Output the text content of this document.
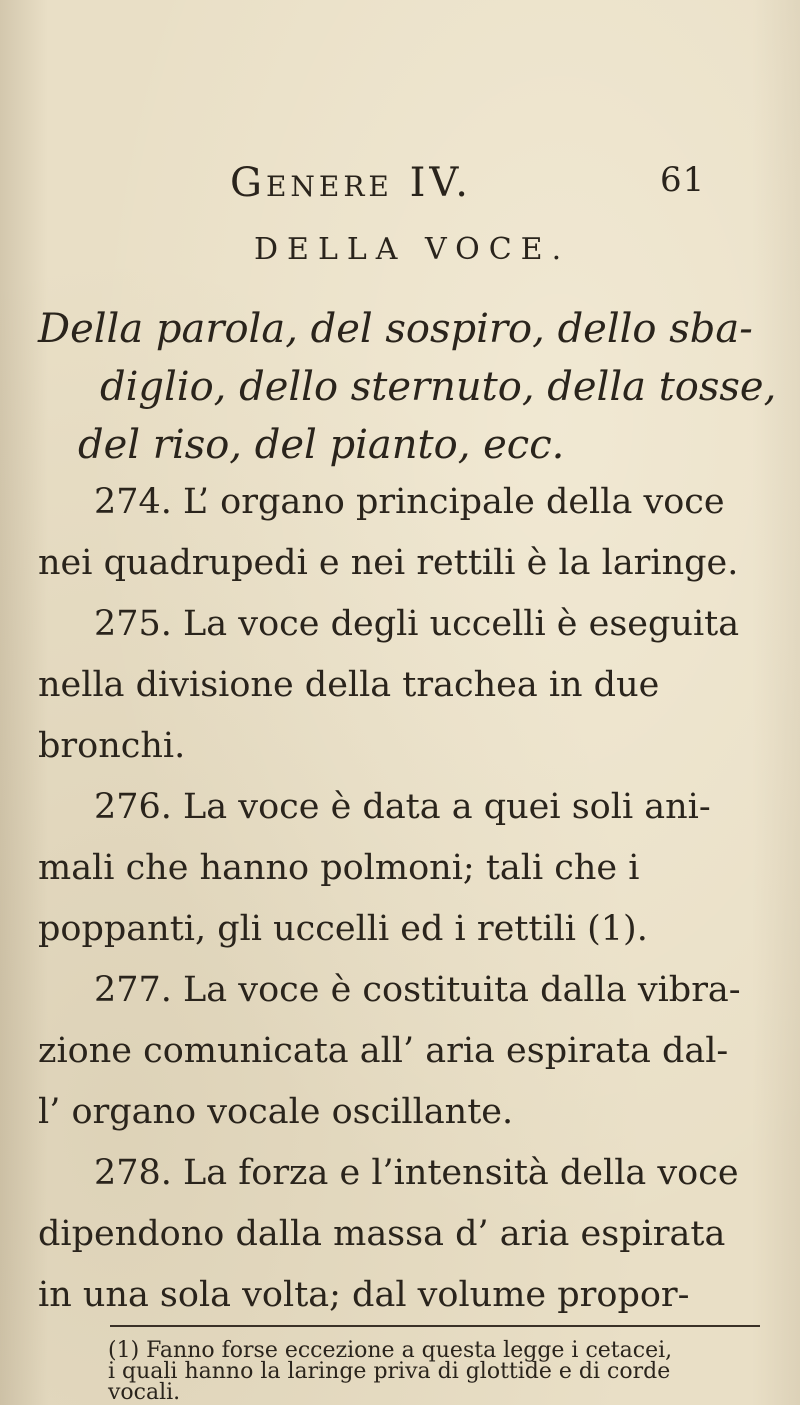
61
Genere IV.
DELLA VOCE.
Della parola, del sospiro, dello sba-
diglio, dello sternuto, della tosse,
del riso, del pianto, ecc.
274. L’ organo principale della voce
nei quadrupedi e nei rettili è la laringe.
275. La voce degli uccelli è eseguita
nella divisione della trachea in due
bronchi.
276. La voce è data a quei soli ani-
mali che hanno polmoni; tali che i
poppanti, gli uccelli ed i rettili (1).
277. La voce è costituita dalla vibra-
zione comunicata all’ aria espirata dal-
l’ organo vocale oscillante.
278. La forza e l’intensità della voce
dipendono dalla massa d’ aria espirata
in una sola volta; dal volume propor-
(1) Fanno forse eccezione a questa legge i cetacei,
i quali hanno la laringe priva di glottide e di corde
vocali.
